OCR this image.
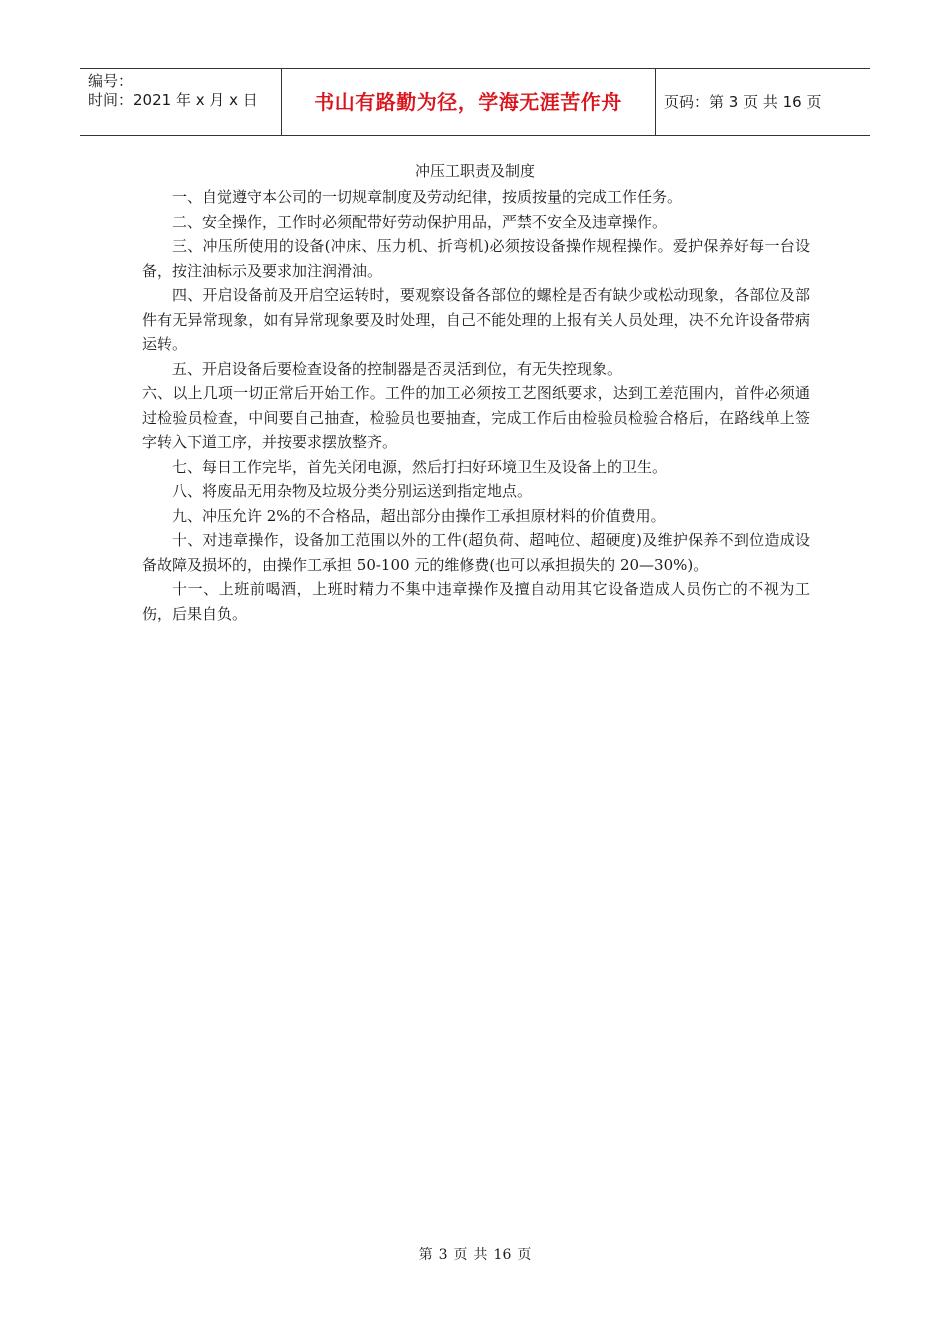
编号：
时间：2021 年 x 月 x 日	书山有路勤为径，学海无涯苦作舟	页码：第 3 页 共 16 页
冲压工职责及制度

一、自觉遵守本公司的一切规章制度及劳动纪律，按质按量的完成工作任务。

二、安全操作，工作时必须配带好劳动保护用品，严禁不安全及违章操作。

三、冲压所使用的设备(冲床、压力机、折弯机)必须按设备操作规程操作。爱护保养好每一台设备，按注油标示及要求加注润滑油。

四、开启设备前及开启空运转时，要观察设备各部位的螺栓是否有缺少或松动现象，各部位及部件有无异常现象，如有异常现象要及时处理，自己不能处理的上报有关人员处理，决不允许设备带病运转。

五、开启设备后要检查设备的控制器是否灵活到位，有无失控现象。

六、以上几项一切正常后开始工作。工件的加工必须按工艺图纸要求，达到工差范围内，首件必须通过检验员检查，中间要自己抽查，检验员也要抽查，完成工作后由检验员检验合格后，在路线单上签字转入下道工序，并按要求摆放整齐。

七、每日工作完毕，首先关闭电源，然后打扫好环境卫生及设备上的卫生。

八、将废品无用杂物及垃圾分类分别运送到指定地点。

九、冲压允许 2%的不合格品，超出部分由操作工承担原材料的价值费用。

十、对违章操作，设备加工范围以外的工件(超负荷、超吨位、超硬度)及维护保养不到位造成设备故障及损坏的，由操作工承担 50-100 元的维修费(也可以承担损失的 20—30%)。

十一、上班前喝酒，上班时精力不集中违章操作及擅自动用其它设备造成人员伤亡的不视为工伤，后果自负。

第 3 页 共 16 页
